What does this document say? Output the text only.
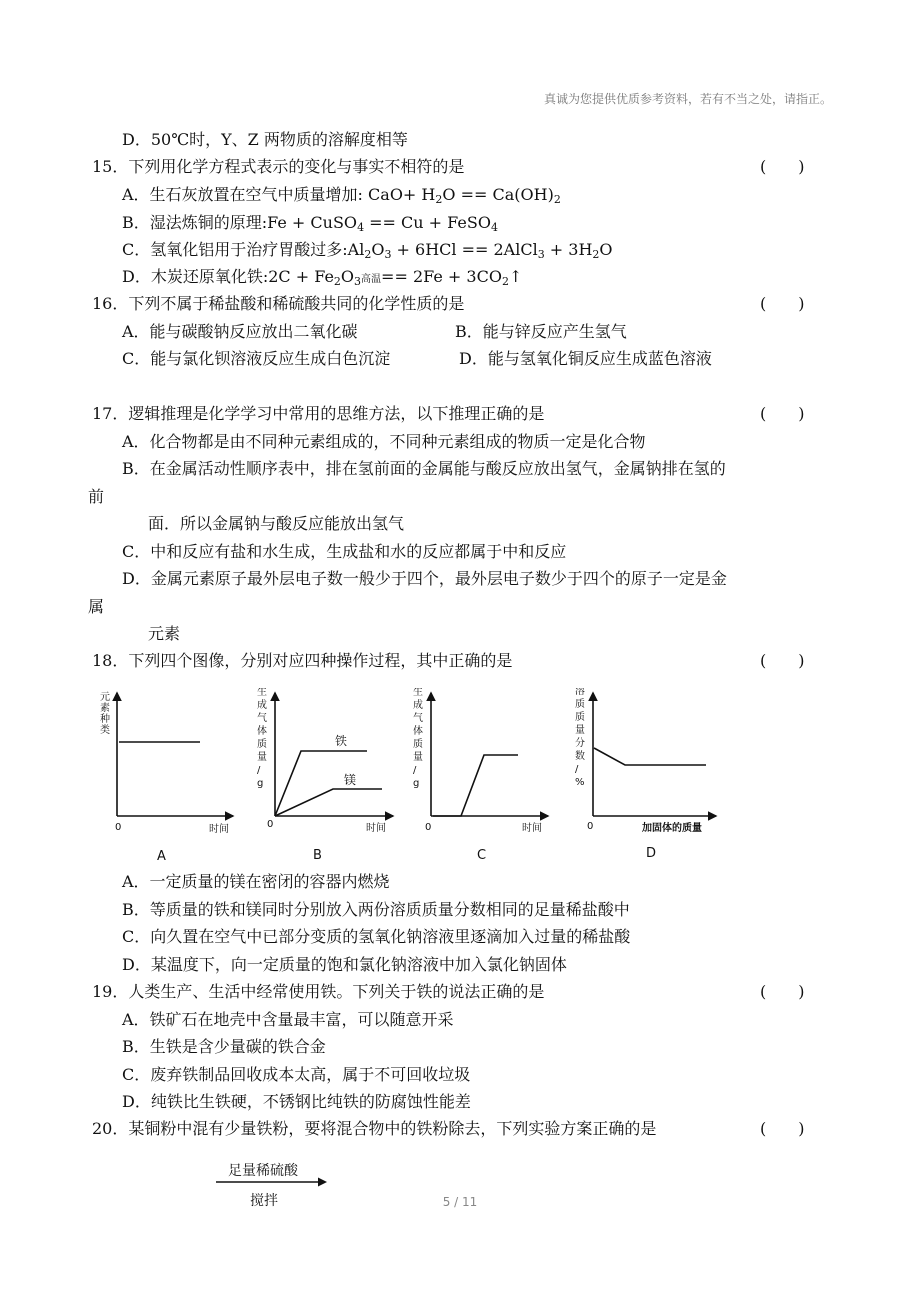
真诚为您提供优质参考资料，若有不当之处，请指正。
D．50℃时，Y、Z 两物质的溶解度相等
15．下列用化学方程式表示的变化与事实不相符的是	(　　)
A．生石灰放置在空气中质量增加: $CaO+ H_2O == Ca(OH)_2$
B．湿法炼铜的原理:Fe + CuSO$_4$ == Cu + FeSO$_4$
C．氢氧化铝用于治疗胃酸过多$:Al_2O_3 + 6HCl$ == 2AlCl$_3$ + $3H_2O$
D．木炭还原氧化铁:2C + $Fe_2O_3$高温== $2Fe + 3CO_2↑$
16．下列不属于稀盐酸和稀硫酸共同的化学性质的是	(　　)
A．能与碳酸钠反应放出二氧化碳	B．能与锌反应产生氢气
C．能与氯化钡溶液反应生成白色沉淀	D．能与氢氧化铜反应生成蓝色溶液
17．逻辑推理是化学学习中常用的思维方法，以下推理正确的是	(　　)
A．化合物都是由不同种元素组成的，不同种元素组成的物质一定是化合物
B．在金属活动性顺序表中，排在氢前面的金属能与酸反应放出氢气，金属钠排在氢的
前
面．所以金属钠与酸反应能放出氢气
C．中和反应有盐和水生成，生成盐和水的反应都属于中和反应
D．金属元素原子最外层电子数一般少于四个，最外层电子数少于四个的原子一定是金
属
元素
18．下列四个图像，分别对应四种操作过程，其中正确的是	(　　)
元
素
种
类
生
成
气
体
质
量
/
g
生
成
气
体
质
量
/
g
溶
质
质
量
分
数
/
%
0	0	0	0
时间	时间	时间	加固体的质量
铁
镁
A	B	C	D
A．一定质量的镁在密闭的容器内燃烧
B．等质量的铁和镁同时分别放入两份溶质质量分数相同的足量稀盐酸中
C．向久置在空气中已部分变质的氢氧化钠溶液里逐滴加入过量的稀盐酸
D．某温度下，向一定质量的饱和氯化钠溶液中加入氯化钠固体
19．人类生产、生活中经常使用铁。下列关于铁的说法正确的是	(　　)
A．铁矿石在地壳中含量最丰富，可以随意开采
B．生铁是含少量碳的铁合金
C．废弃铁制品回收成本太高，属于不可回收垃圾
D．纯铁比生铁硬，不锈钢比纯铁的防腐蚀性能差
20．某铜粉中混有少量铁粉，要将混合物中的铁粉除去，下列实验方案正确的是	(　　)
足量稀硫酸
搅拌	5 / 11
